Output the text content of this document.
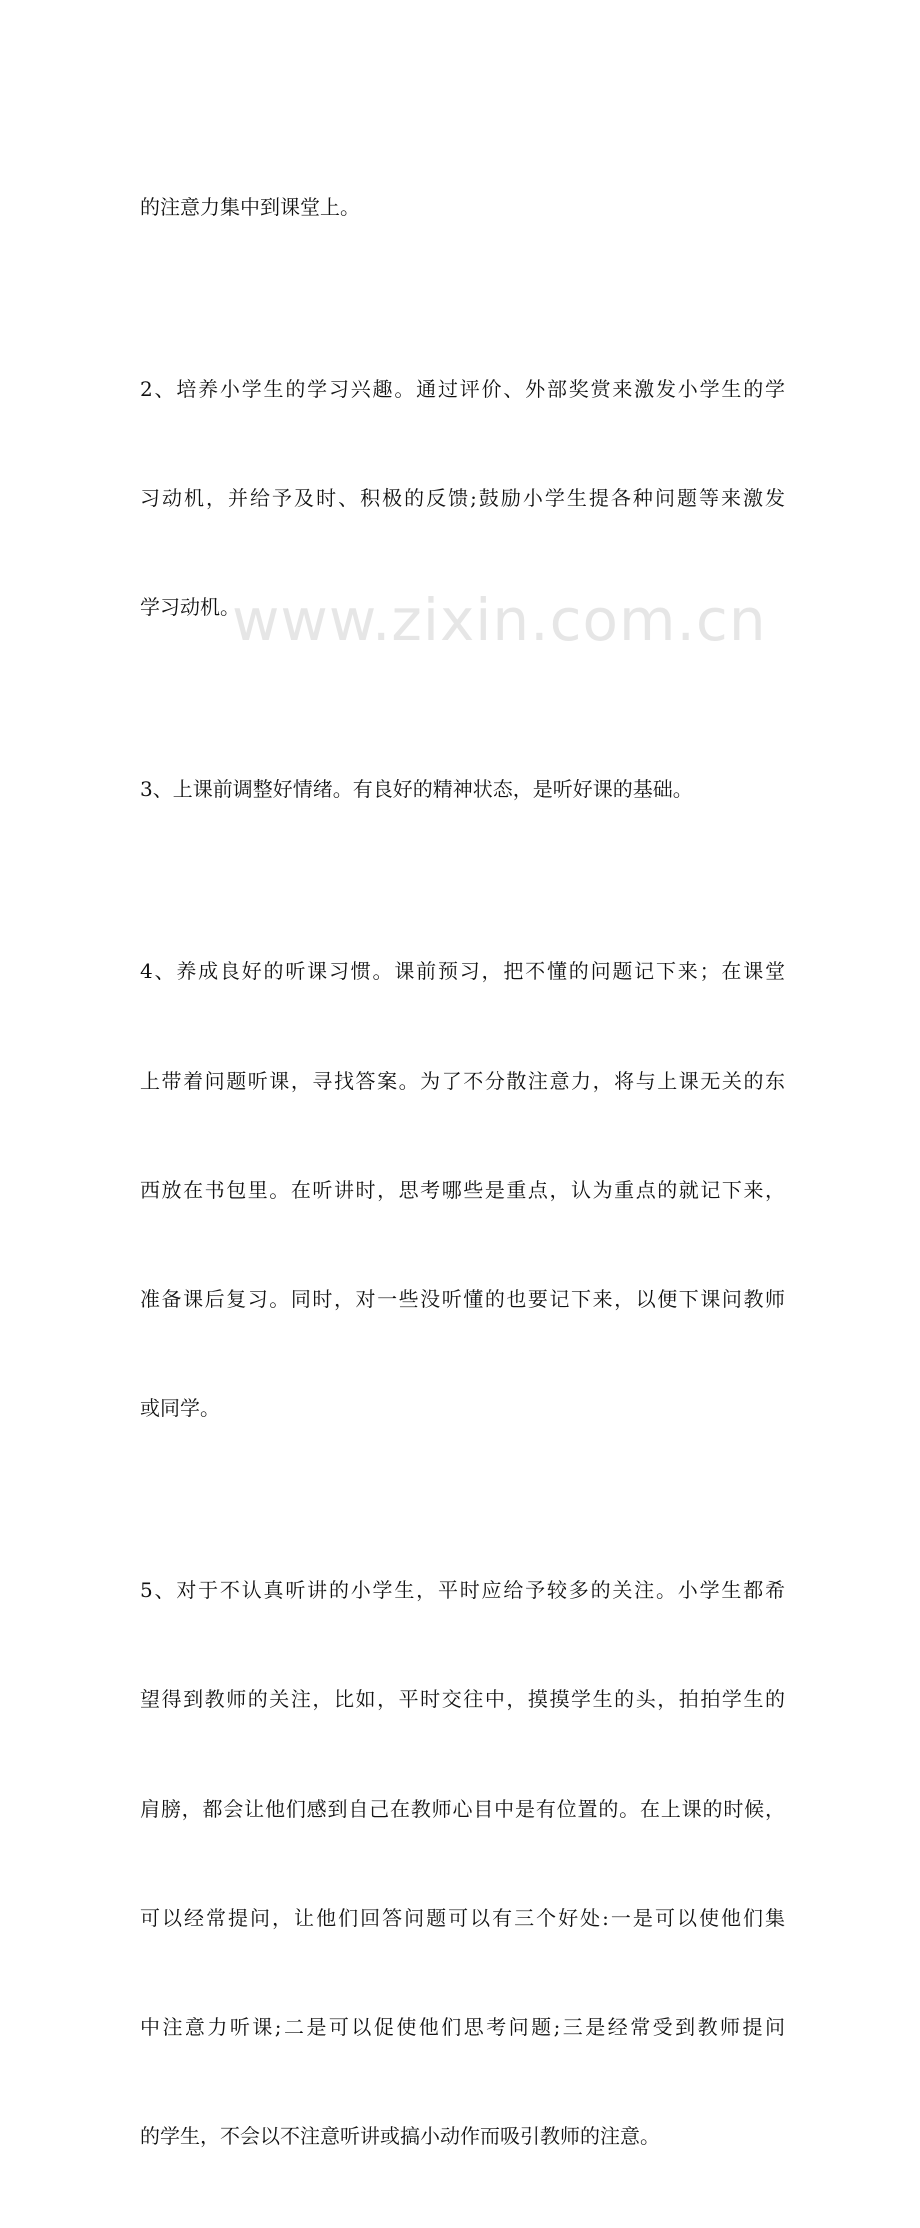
的注意力集中到课堂上。

2、培养小学生的学习兴趣。通过评价、外部奖赏来激发小学生的学

习动机，并给予及时、积极的反馈;鼓励小学生提各种问题等来激发

学习动机。

3、上课前调整好情绪。有良好的精神状态，是听好课的基础。

4、养成良好的听课习惯。课前预习，把不懂的问题记下来；在课堂

上带着问题听课，寻找答案。为了不分散注意力，将与上课无关的东

西放在书包里。在听讲时，思考哪些是重点，认为重点的就记下来，

准备课后复习。同时，对一些没听懂的也要记下来，以便下课问教师

或同学。

5、对于不认真听讲的小学生，平时应给予较多的关注。小学生都希

望得到教师的关注，比如，平时交往中，摸摸学生的头，拍拍学生的

肩膀，都会让他们感到自己在教师心目中是有位置的。在上课的时候，

可以经常提问，让他们回答问题可以有三个好处:一是可以使他们集

中注意力听课;二是可以促使他们思考问题;三是经常受到教师提问

的学生，不会以不注意听讲或搞小动作而吸引教师的注意。

www.zixin.com.cn
